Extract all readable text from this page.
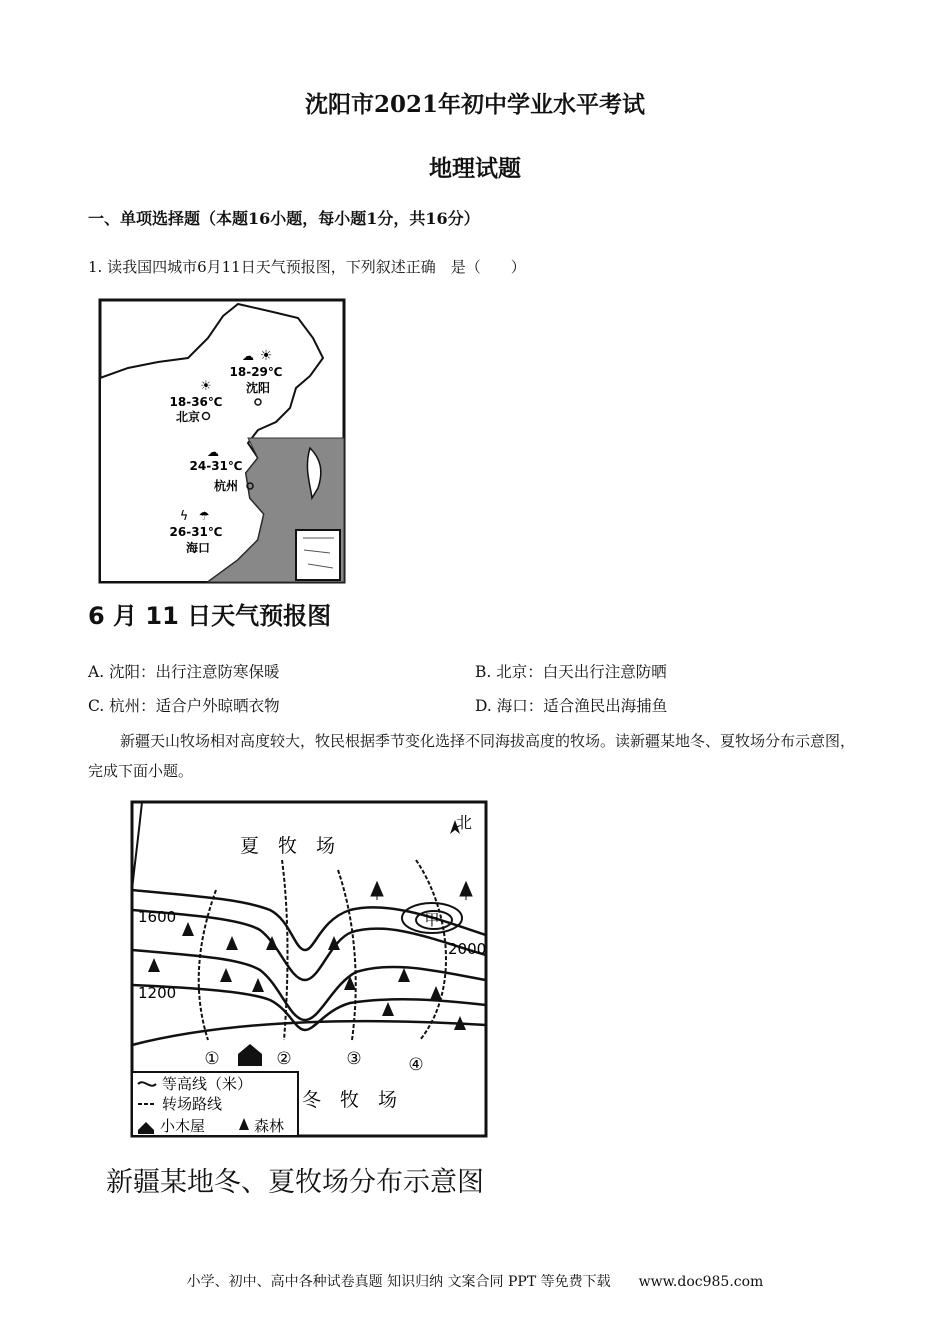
沈阳市2021年初中学业水平考试
地理试题
一、单项选择题（本题16小题，每小题1分，共16分）
1. 读我国四城市6月11日天气预报图，下列叙述正确　是（　　）
☀
☁
18-29℃
沈阳
☀
18-36℃
北京
☁
24-31℃
杭州
ϟ ☂
26-31℃
海口
6 月 11 日天气预报图
A. 沈阳：出行注意防寒保暖	B. 北京：白天出行注意防晒
C. 杭州：适合户外晾晒衣物	D. 海口：适合渔民出海捕鱼
新疆天山牧场相对高度较大，牧民根据季节变化选择不同海拔高度的牧场。读新疆某地冬、夏牧场分布示意图，完成下面小题。
北
甲
夏　牧　场
冬　牧　场
1600
1200
2000
①	②	③	④
等高线（米）
转场路线
小木屋	森林
新疆某地冬、夏牧场分布示意图
小学、初中、高中各种试卷真题 知识归纳 文案合同 PPT 等免费下载　　www.doc985.com
